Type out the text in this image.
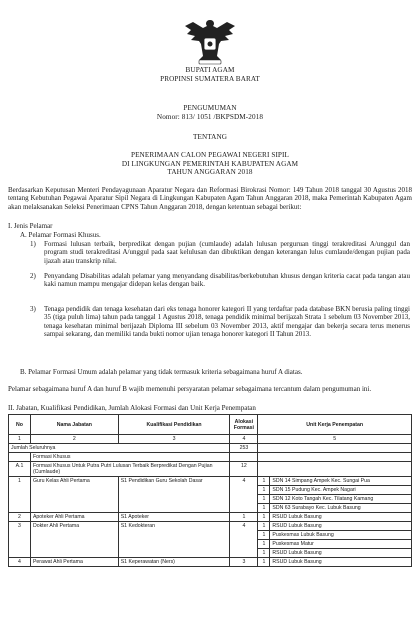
BUPATI AGAM
PROPINSI SUMATERA BARAT
PENGUMUMAN
Nomor: 813/ 1051 /BKPSDM-2018
TENTANG
PENERIMAAN CALON PEGAWAI NEGERI SIPIL
DI LINGKUNGAN PEMERINTAH KABUPATEN AGAM
TAHUN ANGGARAN 2018
Berdasarkan Keputusan Menteri Pendayagunaan Aparatur Negara dan Reformasi Birokrasi Nomor: 149 Tahun 2018 tanggal 30 Agustus 2018 tentang Kebutuhan Pegawai Aparatur Sipil Negara di Lingkungan Kabupaten Agam Tahun Anggaran 2018, maka Pemerintah Kabupaten Agam akan melaksanakan Seleksi Penerimaan CPNS Tahun Anggaran 2018, dengan ketentuan sebagai berikut:
I. Jenis Pelamar
A. Pelamar Formasi Khusus.
1) Formasi lulusan terbaik, berpredikat dengan pujian (cumlaude) adalah lulusan perguruan tinggi terakreditasi A/unggul dan program studi terakreditasi A/unggul pada saat kelulusan dan dibuktikan dengan keterangan lulus cumlaude/dengan pujian pada ijazah atau transkrip nilai.
2) Penyandang Disabilitas adalah pelamar yang menyandang disabilitas/berkebutuhan khusus dengan kriteria cacat pada tangan atau kaki namun mampu mengajar didepan kelas dengan baik.
3) Tenaga pendidik dan tenaga kesehatan dari eks tenaga honorer kategori II yang terdaftar pada database BKN berusia paling tinggi 35 (tiga puluh lima) tahun pada tanggal 1 Agustus 2018, tenaga pendidik minimal berijazah Strata 1 sebelum 03 November 2013, tenaga kesehatan minimal berijazah Diploma III sebelum 03 November 2013, aktif mengajar dan bekerja secara terus menerus sampai sekarang, dan memiliki tanda bukti nomor ujian tenaga honorer kategori II Tahun 2013.
B. Pelamar Formasi Umum adalah pelamar yang tidak termasuk kriteria sebagaimana huruf A diatas.
Pelamar sebagaimana huruf A dan huruf B wajib memenuhi persyaratan pelamar sebagaimana tercantum dalam pengumuman ini.
II. Jabatan, Kualifikasi Pendidikan, Jumlah Alokasi Formasi dan Unit Kerja Penempatan
No	Nama Jabatan	Kualifikasi Pendidikan	Alokasi Formasi	Unit Kerja Penempatan	
1	2	3	4	5	
Jumlah Seluruhnya			253		
	Formasi Khusus				
A.1	Formasi Khusus Untuk Putra Putri Lulusan Terbaik Berpredikat Dengan Pujian (Cumlaude)		12		
1	Guru Kelas Ahli Pertama	S1 Pendidikan Guru Sekolah Dasar	4	1	SDN 14 Simpang Ampek Kec. Sungai Pua
				1	SDN 15 Pudung Kec. Ampek Nagari
				1	SDN 12 Koto Tangah Kec. Tilatang Kamang
				1	SDN 63 Surabayo Kec. Lubuk Basung
2	Apoteker Ahli Pertama	S1 Apoteker	1	1	RSUD Lubuk Basung
3	Dokter Ahli Pertama	S1 Kedokteran	4	1	RSUD Lubuk Basung
				1	Puskesmas Lubuk Basung
				1	Puskesmas Matur
				1	RSUD Lubuk Basung
4	Perawat Ahli Pertama	S1 Keperawatan (Ners)	3	1	RSUD Lubuk Basung
